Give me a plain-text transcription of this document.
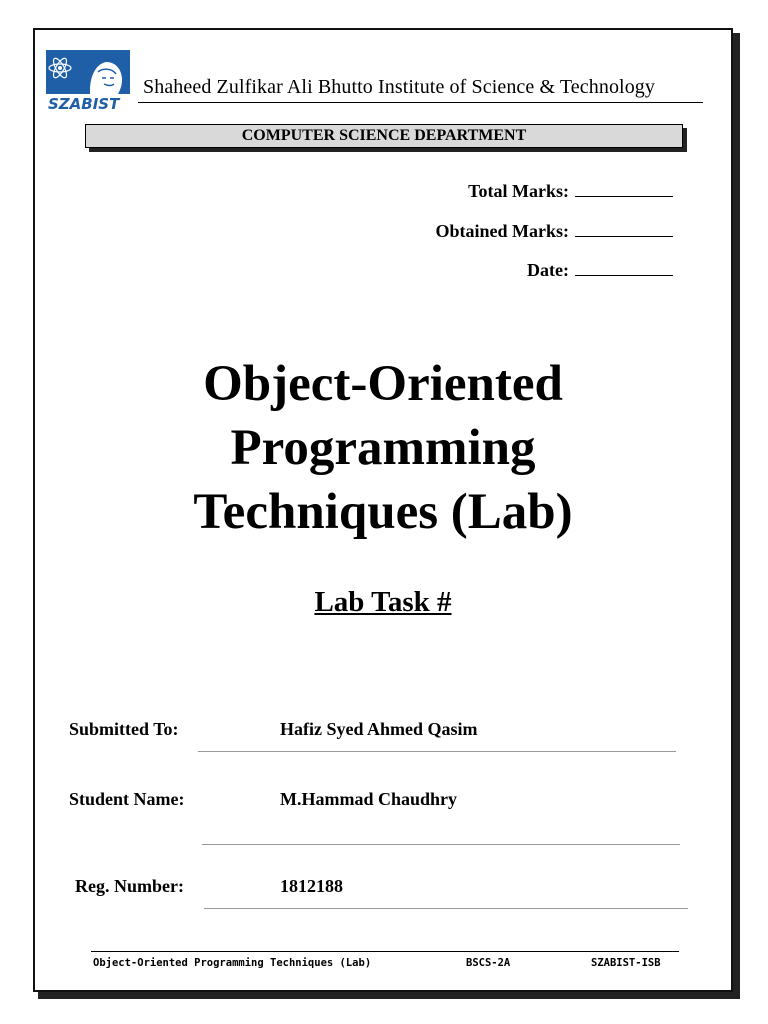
SZABIST
Shaheed Zulfikar Ali Bhutto Institute of Science & Technology
COMPUTER SCIENCE DEPARTMENT
Total Marks:
Obtained Marks:
Date:
Object-Oriented
Programming
Techniques (Lab)
Lab Task #
Submitted To:	Hafiz Syed Ahmed Qasim
Student Name:	M.Hammad Chaudhry
Reg. Number:	1812188
Object-Oriented Programming Techniques (Lab)	BSCS-2A	SZABIST-ISB
